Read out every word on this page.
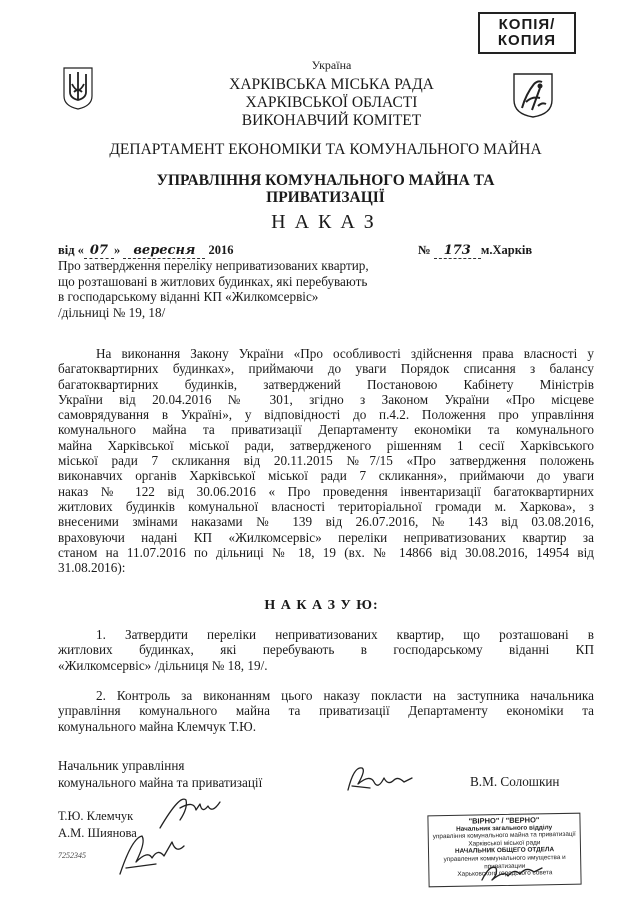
КОПІЯ/
КОПИЯ
Україна
ХАРКІВСЬКА МІСЬКА РАДА
ХАРКІВСЬКОЇ ОБЛАСТІ
ВИКОНАВЧИЙ КОМІТЕТ
ДЕПАРТАМЕНТ ЕКОНОМІКИ ТА КОМУНАЛЬНОГО МАЙНА
УПРАВЛІННЯ КОМУНАЛЬНОГО МАЙНА ТА
ПРИВАТИЗАЦІЇ
Н А К А З
від « 07 » вересня 2016	№ 173 м.Харків
Про затвердження переліку неприватизованих квартир,
що розташовані в житлових будинках, які перебувають
в господарському віданні КП «Жилкомсервіс»
/дільниці № 19, 18/
На виконання Закону України «Про особливості здійснення права власності у
багатоквартирних будинках», приймаючи до уваги Порядок списання з балансу
багатоквартирних будинків, затверджений Постановою Кабінету Міністрів
України від 20.04.2016 № 301, згідно з Законом України «Про місцеве
самоврядування в Україні», у відповідності до п.4.2. Положення про управління
комунального майна та приватизації Департаменту економіки та комунального
майна Харківської міської ради, затвердженого рішенням 1 сесії Харківського
міської ради 7 скликання від 20.11.2015 №7/15 «Про затвердження положень
виконавчих органів Харківської міської ради 7 скликання», приймаючи до уваги
наказ № 122 від 30.06.2016 « Про проведення інвентаризації багатоквартирних
житлових будинків комунальної власності територіальної громади м. Харкова», з
внесеними змінами наказами № 139 від 26.07.2016, № 143 від 03.08.2016,
враховуючи надані КП «Жилкомсервіс» переліки неприватизованих квартир за
станом на 11.07.2016 по дільниці № 18, 19 (вх. № 14866 від 30.08.2016, 14954 від
31.08.2016):
Н А К А З У Ю:
1. Затвердити переліки неприватизованих квартир, що розташовані в
житлових будинках, які перебувають в господарському віданні КП
«Жилкомсервіс» /дільниця № 18, 19/.
2. Контроль за виконанням цього наказу покласти на заступника начальника
управління комунального майна та приватизації Департаменту економіки та
комунального майна Клемчук Т.Ю.
Начальник управління
комунального майна та приватизації	В.М. Солошкин
Т.Ю. Клемчук
А.М. Шиянова
7252345
"ВІРНО" / "ВЕРНО"
Начальник загального відділу
управління комунального майна та приватизації
Харківської міської ради
НАЧАЛЬНИК ОБЩЕГО ОТДЕЛА
управления коммунального имущества и приватизации
Харьковского городского совета
